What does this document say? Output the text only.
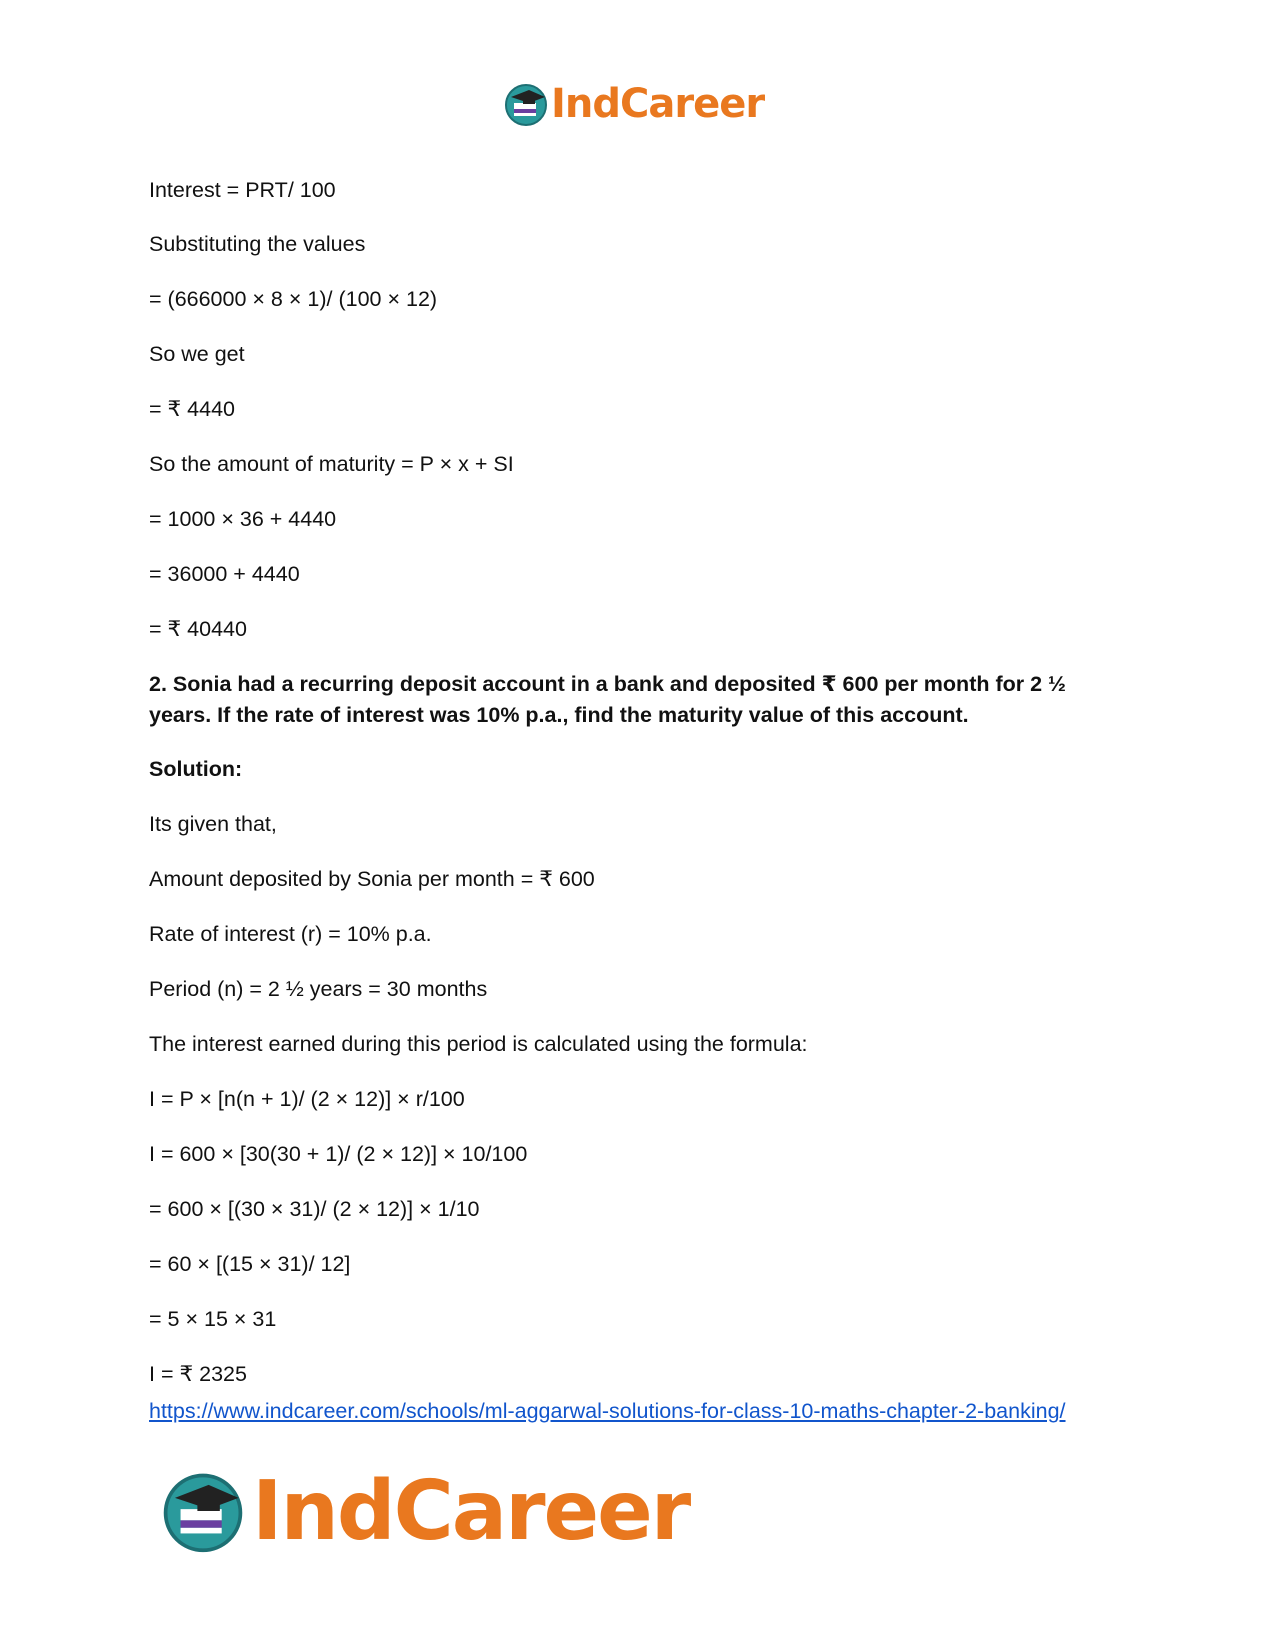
IndCareer

Interest = PRT/ 100

Substituting the values

= (666000 × 8 × 1)/ (100 × 12)

So we get

= ₹ 4440

So the amount of maturity = P × x + SI

= 1000 × 36 + 4440

= 36000 + 4440

= ₹ 40440

2. Sonia had a recurring deposit account in a bank and deposited ₹ 600 per month for 2 ½ years. If the rate of interest was 10% p.a., find the maturity value of this account.

Solution:

Its given that,

Amount deposited by Sonia per month = ₹ 600

Rate of interest (r) = 10% p.a.

Period (n) = 2 ½ years = 30 months

The interest earned during this period is calculated using the formula:

I = P × [n(n + 1)/ (2 × 12)] × r/100

I = 600 × [30(30 + 1)/ (2 × 12)] × 10/100

= 600 × [(30 × 31)/ (2 × 12)] × 1/10

= 60 × [(15 × 31)/ 12]

= 5 × 15 × 31

I = ₹ 2325

https://www.indcareer.com/schools/ml-aggarwal-solutions-for-class-10-maths-chapter-2-banking/
IndCareer
